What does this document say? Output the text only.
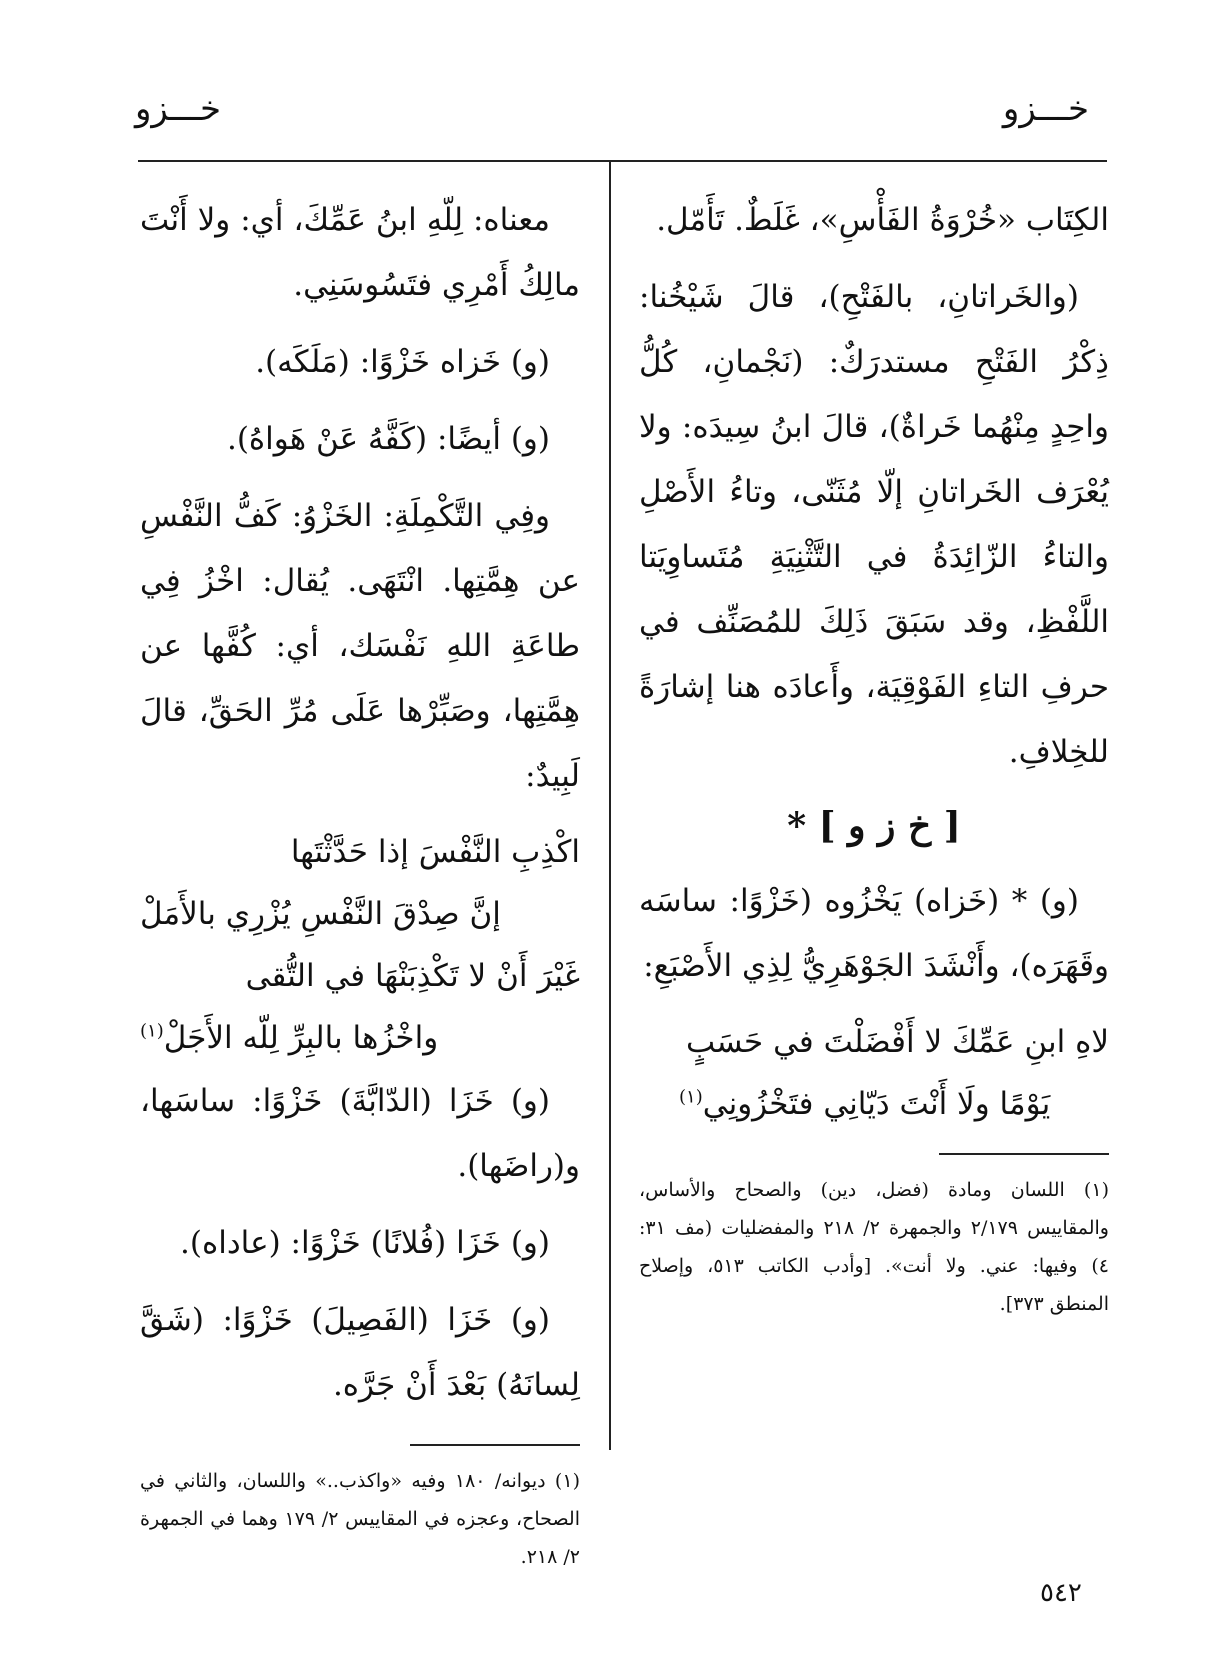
خـــزو
خـــزو

الكِتَاب «خُرْوَةُ الفَأْسِ»، غَلَطٌ. تَأَمّل.

(والخَراتانِ، بالفَتْحِ)، قالَ شَيْخُنا: ذِكْرُ الفَتْحِ مستدرَكٌ: (نَجْمانِ، كُلُّ واحِدٍ مِنْهُما خَراةٌ)، قالَ ابنُ سِيدَه: ولا يُعْرَف الخَراتانِ إلّا مُثَنّى، وتاءُ الأَصْلِ والتاءُ الزّائِدَةُ في التَّثْنِيَةِ مُتَساوِيَتا اللَّفْظِ، وقد سَبَقَ ذَلِكَ للمُصَنِّف في حرفِ التاءِ الفَوْقِيَة، وأَعادَه هنا إشارَةً للخِلافِ.

[ خ ز و ] *

(و) * (خَزاه) يَخْزُوه (خَزْوًا: ساسَه وقَهَرَه)، وأَنْشَدَ الجَوْهَرِيُّ لِذِي الأَصْبَعِ:

لاهِ ابنِ عَمِّكَ لا أَفْضَلْتَ في حَسَبٍ

يَوْمًا ولَا أَنْتَ دَيّانِي فتَخْزُونِي$^{(١)}$

(١) اللسان ومادة (فضل، دين) والصحاح والأساس، والمقاييس ٢/١٧٩ والجمهرة ٢/ ٢١٨ والمفضليات (مف ٣١: ٤) وفيها: عني. ولا أنت». [وأدب الكاتب ٥١٣، وإصلاح المنطق ٣٧٣].

معناه: لِلّهِ ابنُ عَمِّكَ، أي: ولا أَنْتَ مالِكُ أَمْرِي فتَسُوسَنِي.

(و) خَزاه خَزْوًا: (مَلَكَه).

(و) أيضًا: (كَفَّهُ عَنْ هَواهُ).

وفِي التَّكْمِلَةِ: الخَزْوُ: كَفُّ النَّفْسِ عن هِمَّتِها. انْتَهَى. يُقال: اخْزُ فِي طاعَةِ اللهِ نَفْسَك، أي: كُفَّها عن هِمَّتِها، وصَبِّرْها عَلَى مُرِّ الحَقِّ، قالَ لَبِيدٌ:

اكْذِبِ النَّفْسَ إذا حَدَّثْتَها

إنَّ صِدْقَ النَّفْسِ يُزْرِي بالأَمَلْ

غَيْرَ أَنْ لا تَكْذِبَنْهَا في التُّقى

واخْزُها بالبِرِّ لِلّه الأَجَلْ$^{(١)}$

(و) خَزَا (الدّابَّةَ) خَزْوًا: ساسَها، و(راضَها).

(و) خَزَا (فُلانًا) خَزْوًا: (عاداه).

(و) خَزَا (الفَصِيلَ) خَزْوًا: (شَقَّ لِسانَهُ) بَعْدَ أَنْ جَرَّه.

(١) ديوانه/ ١٨٠ وفيه «واكذب..» واللسان، والثاني في الصحاح، وعجزه في المقاييس ٢/ ١٧٩ وهما في الجمهرة ٢/ ٢١٨.

٥٤٢
